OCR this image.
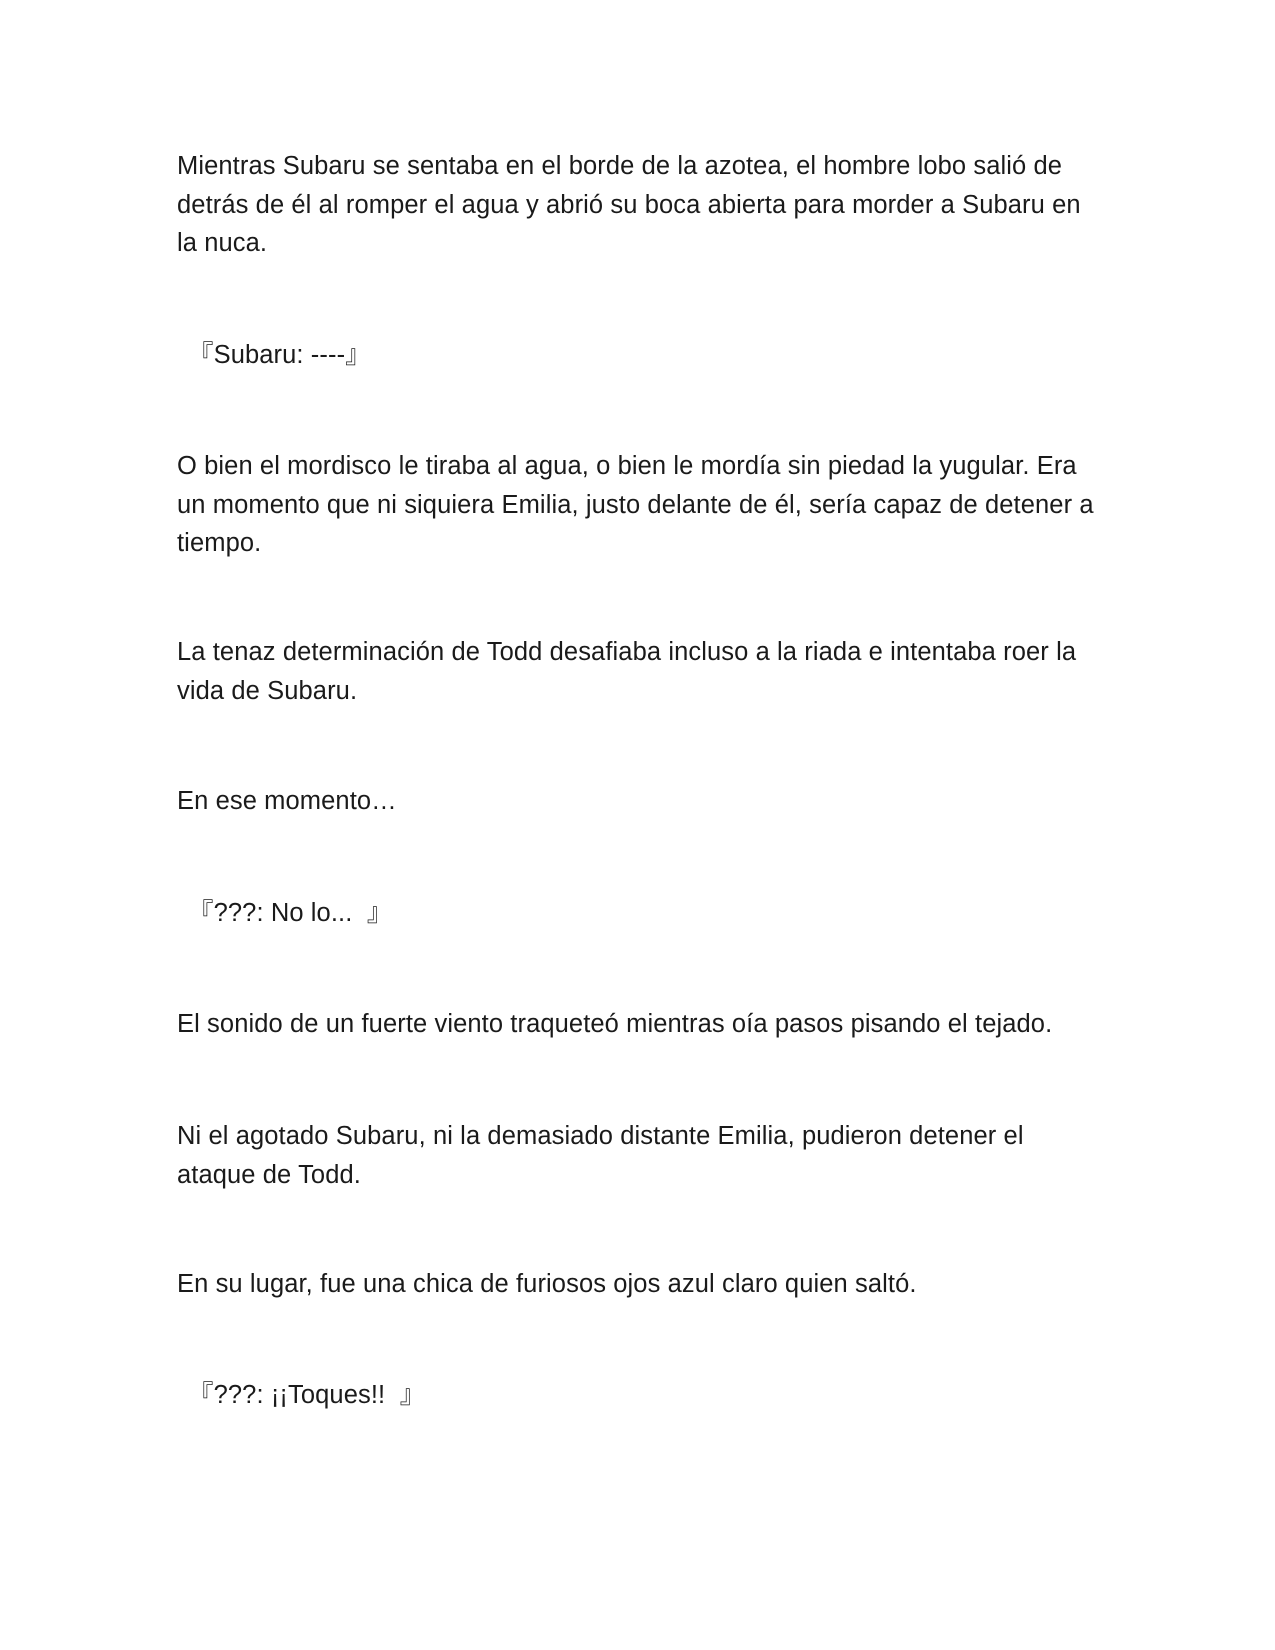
Mientras Subaru se sentaba en el borde de la azotea, el hombre lobo salió de detrás de él al romper el agua y abrió su boca abierta para morder a Subaru en la nuca.

『Subaru: ----』

O bien el mordisco le tiraba al agua, o bien le mordía sin piedad la yugular. Era un momento que ni siquiera Emilia, justo delante de él, sería capaz de detener a tiempo.

La tenaz determinación de Todd desafiaba incluso a la riada e intentaba roer la vida de Subaru.

En ese momento…

『???: No lo...  』

El sonido de un fuerte viento traqueteó mientras oía pasos pisando el tejado.

Ni el agotado Subaru, ni la demasiado distante Emilia, pudieron detener el ataque de Todd.

En su lugar, fue una chica de furiosos ojos azul claro quien saltó.

『???: ¡¡Toques!!  』
